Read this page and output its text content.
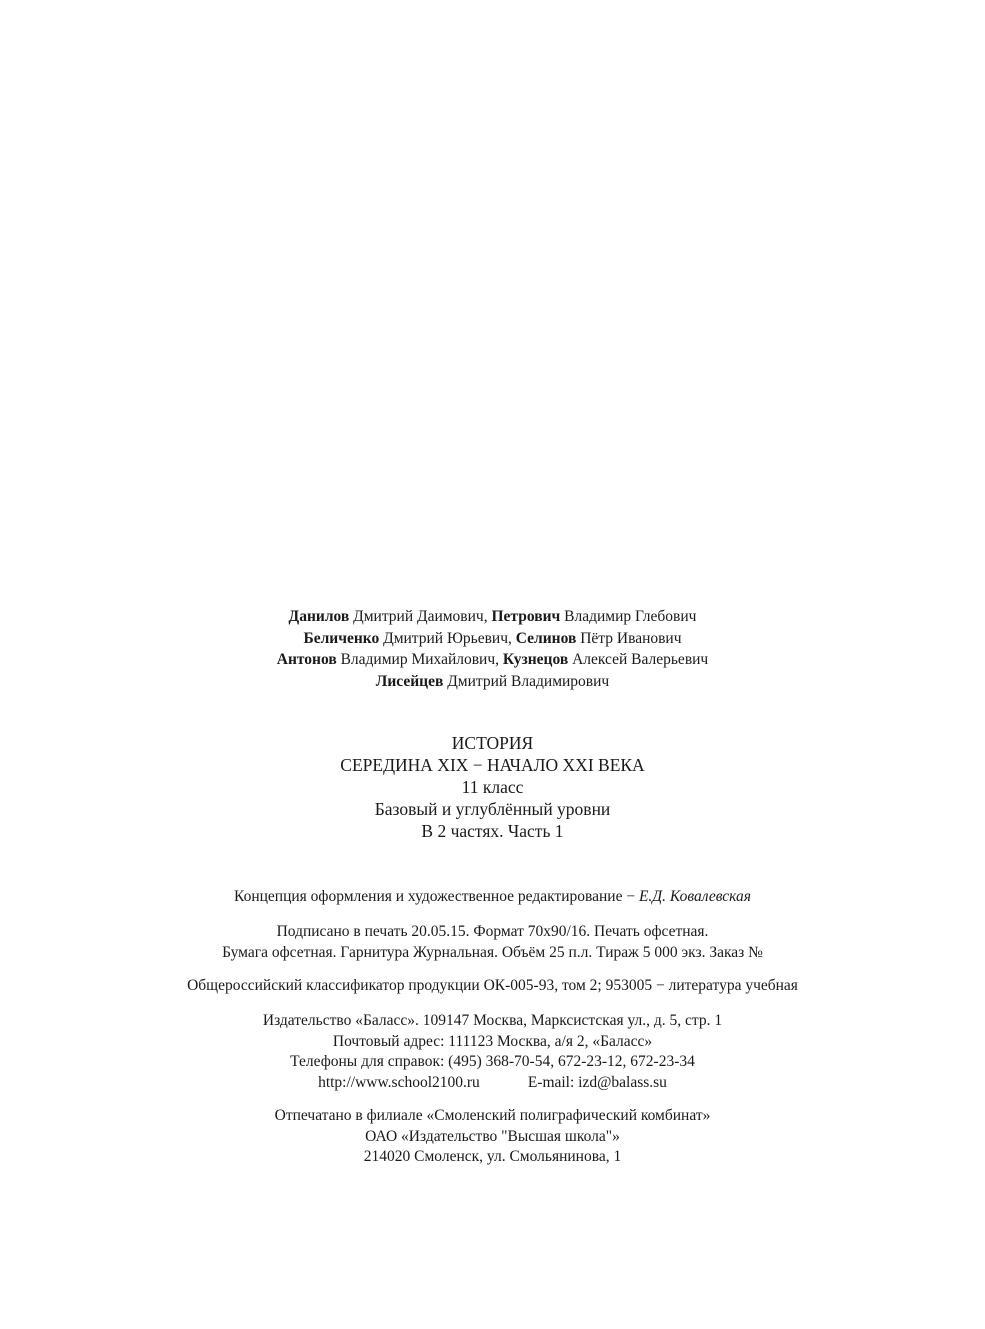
Данилов Дмитрий Даимович, Петрович Владимир Глебович
Беличенко Дмитрий Юрьевич, Селинов Пётр Иванович
Антонов Владимир Михайлович, Кузнецов Алексей Валерьевич
Лисейцев Дмитрий Владимирович
ИСТОРИЯ
СЕРЕДИНА XIX − НАЧАЛО XXI ВЕКА
11 класс
Базовый и углублённый уровни
В 2 частях. Часть 1
Концепция оформления и художественное редактирование − Е.Д. Ковалевская
Подписано в печать 20.05.15. Формат 70х90/16. Печать офсетная.
Бумага офсетная. Гарнитура Журнальная. Объём 25 п.л. Тираж 5 000 экз. Заказ №
Общероссийский классификатор продукции ОК-005-93, том 2; 953005 − литература учебная
Издательство «Баласс». 109147 Москва, Марксистская ул., д. 5, стр. 1
Почтовый адрес: 111123 Москва, а/я 2, «Баласс»
Телефоны для справок: (495) 368-70-54, 672-23-12, 672-23-34
http://www.school2100.ru	E-mail: izd@balass.su
Отпечатано в филиале «Смоленский полиграфический комбинат»
ОАО «Издательство "Высшая школа"»
214020 Смоленск, ул. Смольянинова, 1
